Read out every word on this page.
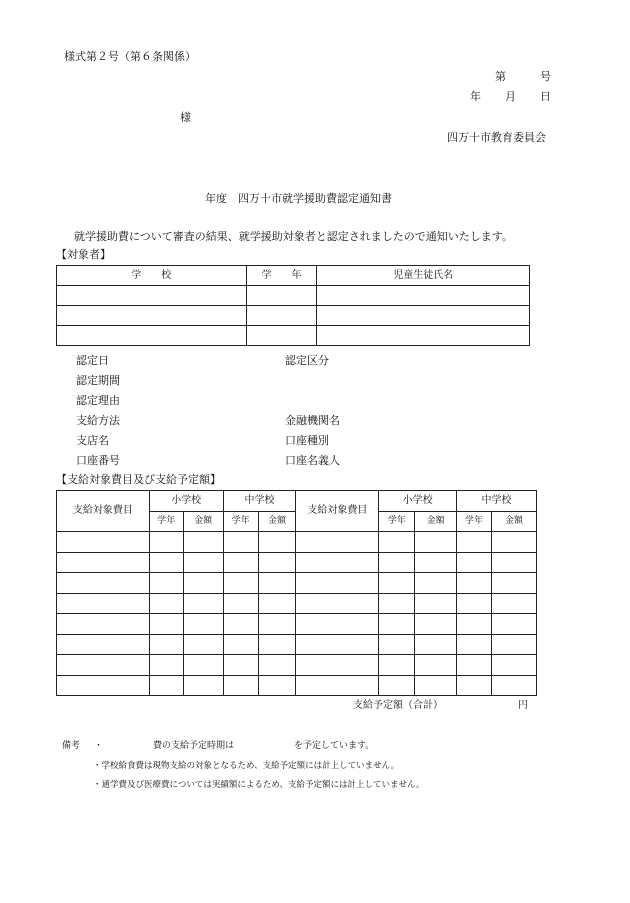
様式第２号（第６条関係）
第	号
年 月 日
様
四万十市教育委員会
年度　四万十市就学援助費認定通知書
就学援助費について審査の結果、就学援助対象者と認定されましたので通知いたします。
【対象者】
学　　校	学　　年	児童生徒氏名

認定日	認定区分
認定期間
認定理由
支給方法	金融機関名
支店名	口座種別
口座番号	口座名義人
【支給対象費目及び支給予定額】
支給対象費目	小学校		中学校		支給対象費目	小学校		中学校	
	学年	金額	学年	金額		学年	金額	学年	金額

支給予定額（合計）	円
備考 ・	費の支給予定時期は	を予定しています。
・学校給食費は現物支給の対象となるため、支給予定額には計上していません。
・通学費及び医療費については実績額によるため、支給予定額には計上していません。
